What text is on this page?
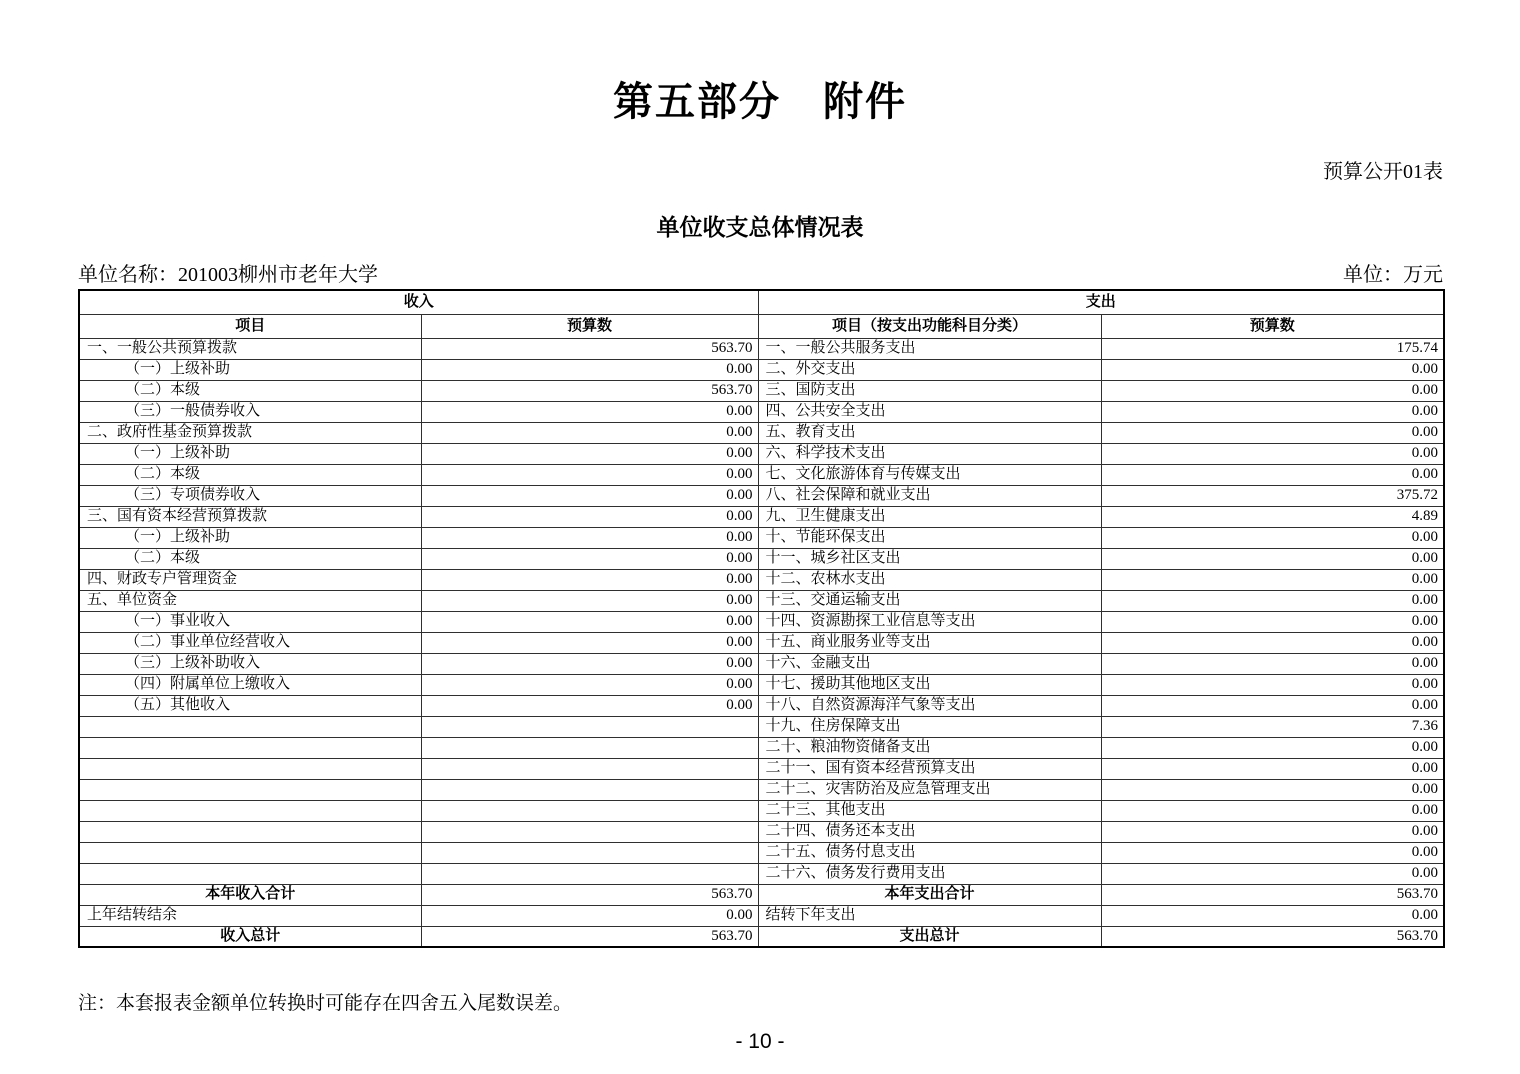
第五部分　附件
预算公开01表
单位收支总体情况表
单位名称：201003柳州市老年大学	单位：万元
收入		支出	
项目	预算数	项目（按支出功能科目分类）	预算数
一、一般公共预算拨款	563.70	一、一般公共服务支出	175.74
（一）上级补助	0.00	二、外交支出	0.00
（二）本级	563.70	三、国防支出	0.00
（三）一般债券收入	0.00	四、公共安全支出	0.00
二、政府性基金预算拨款	0.00	五、教育支出	0.00
（一）上级补助	0.00	六、科学技术支出	0.00
（二）本级	0.00	七、文化旅游体育与传媒支出	0.00
（三）专项债券收入	0.00	八、社会保障和就业支出	375.72
三、国有资本经营预算拨款	0.00	九、卫生健康支出	4.89
（一）上级补助	0.00	十、节能环保支出	0.00
（二）本级	0.00	十一、城乡社区支出	0.00
四、财政专户管理资金	0.00	十二、农林水支出	0.00
五、单位资金	0.00	十三、交通运输支出	0.00
（一）事业收入	0.00	十四、资源勘探工业信息等支出	0.00
（二）事业单位经营收入	0.00	十五、商业服务业等支出	0.00
（三）上级补助收入	0.00	十六、金融支出	0.00
（四）附属单位上缴收入	0.00	十七、援助其他地区支出	0.00
（五）其他收入	0.00	十八、自然资源海洋气象等支出	0.00
		十九、住房保障支出	7.36
		二十、粮油物资储备支出	0.00
		二十一、国有资本经营预算支出	0.00
		二十二、灾害防治及应急管理支出	0.00
		二十三、其他支出	0.00
		二十四、债务还本支出	0.00
		二十五、债务付息支出	0.00
		二十六、债务发行费用支出	0.00
本年收入合计	563.70	本年支出合计	563.70
上年结转结余	0.00	结转下年支出	0.00
收入总计	563.70	支出总计	563.70
注：本套报表金额单位转换时可能存在四舍五入尾数误差。
- 10 -
